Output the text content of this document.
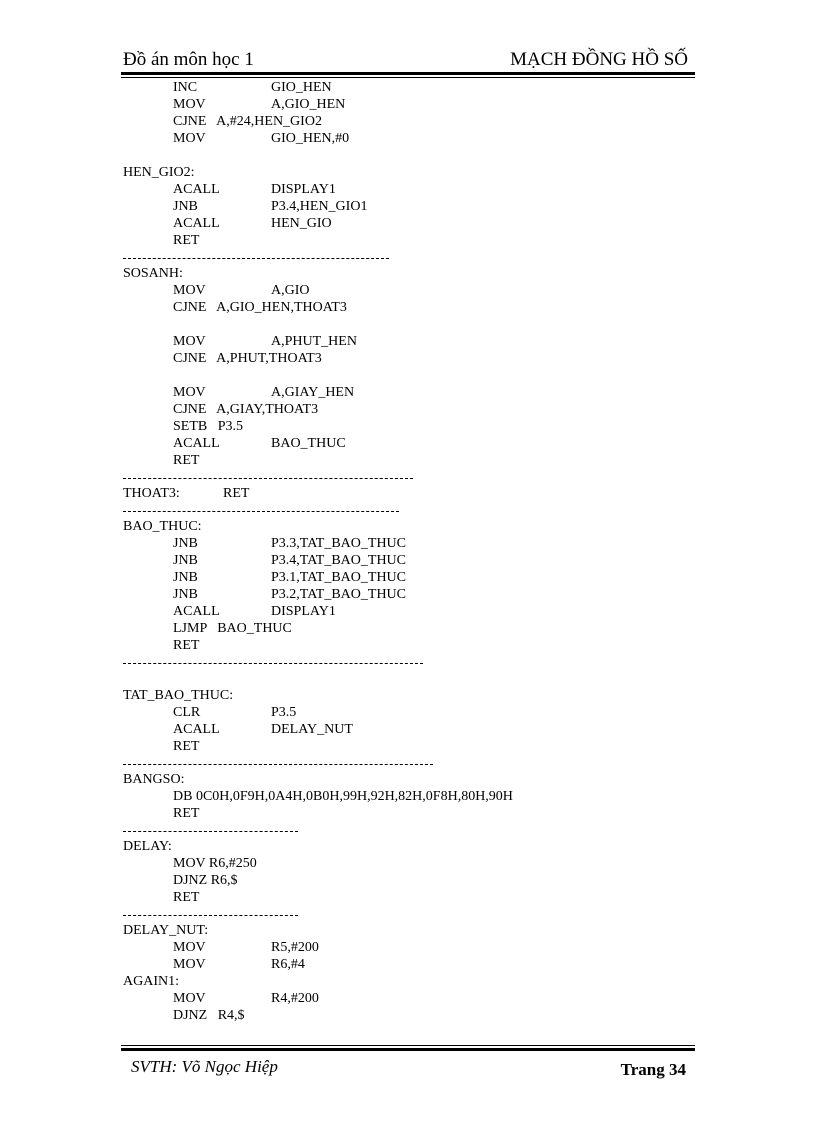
Đồ án môn học 1	MẠCH ĐỒNG HỒ SỐ
INC	GIO_HEN
MOV	A,GIO_HEN
CJNE   A,#24,HEN_GIO2
MOV	GIO_HEN,#0
HEN_GIO2:
ACALL	DISPLAY1
JNB	P3.4,HEN_GIO1
ACALL	HEN_GIO
RET
SOSANH:
MOV	A,GIO
CJNE   A,GIO_HEN,THOAT3
MOV	A,PHUT_HEN
CJNE   A,PHUT,THOAT3
MOV	A,GIAY_HEN
CJNE   A,GIAY,THOAT3
SETB   P3.5
ACALL	BAO_THUC
RET
THOAT3:	RET
BAO_THUC:
JNB	P3.3,TAT_BAO_THUC
JNB	P3.4,TAT_BAO_THUC
JNB	P3.1,TAT_BAO_THUC
JNB	P3.2,TAT_BAO_THUC
ACALL	DISPLAY1
LJMP   BAO_THUC
RET
TAT_BAO_THUC:
CLR	P3.5
ACALL	DELAY_NUT
RET
BANGSO:
DB 0C0H,0F9H,0A4H,0B0H,99H,92H,82H,0F8H,80H,90H
RET
DELAY:
MOV R6,#250
DJNZ R6,$
RET
DELAY_NUT:
MOV	R5,#200
MOV	R6,#4
AGAIN1:
MOV	R4,#200
DJNZ   R4,$
SVTH: Võ Ngọc Hiệp	Trang 34
